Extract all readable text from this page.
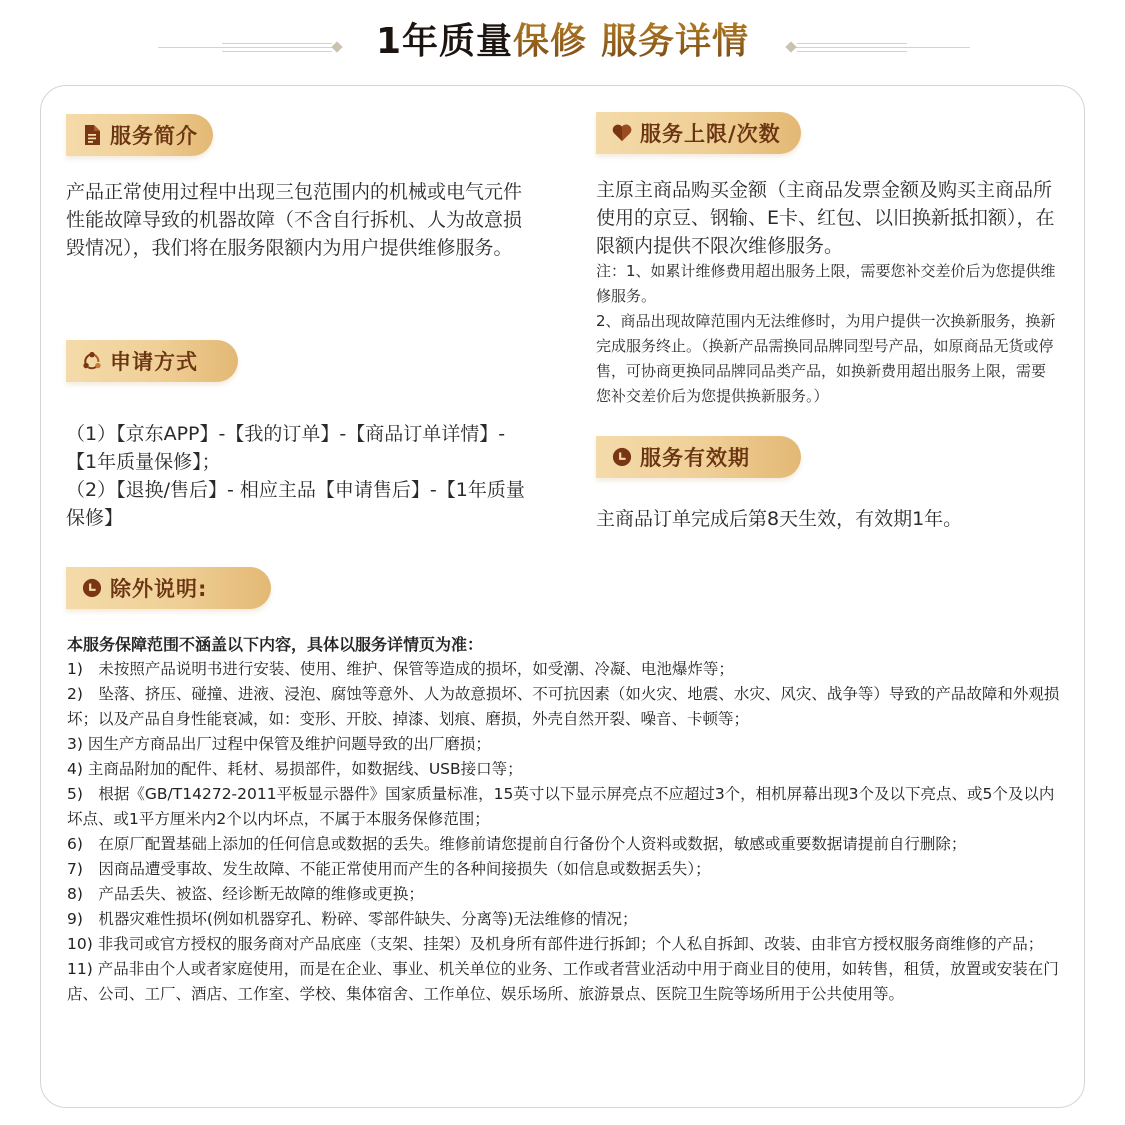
1年质量保修 服务详情
服务简介

产品正常使用过程中出现三包范围内的机械或电气元件性能故障导致的机器故障（不含自行拆机、人为故意损毁情况），我们将在服务限额内为用户提供维修服务。

申请方式

（1）【京东APP】-【我的订单】-【商品订单详情】-【1年质量保修】；

（2）【退换/售后】- 相应主品【申请售后】-【1年质量保修】

服务上限/次数

主原主商品购买金额（主商品发票金额及购买主商品所使用的京豆、钢输、E卡、红包、以旧换新抵扣额），在限额内提供不限次维修服务。

注：1、如累计维修费用超出服务上限，需要您补交差价后为您提供维修服务。

2、商品出现故障范围内无法维修时，为用户提供一次换新服务，换新完成服务终止。（换新产品需换同品牌同型号产品，如原商品无货或停售，可协商更换同品牌同品类产品，如换新费用超出服务上限，需要您补交差价后为您提供换新服务。）

服务有效期

主商品订单完成后第8天生效，有效期1年。

除外说明:

本服务保障范围不涵盖以下内容，具体以服务详情页为准：

1)　未按照产品说明书进行安装、使用、维护、保管等造成的损坏，如受潮、冷凝、电池爆炸等；

2)　坠落、挤压、碰撞、进液、浸泡、腐蚀等意外、人为故意损坏、不可抗因素（如火灾、地震、水灾、风灾、战争等）导致的产品故障和外观损坏；以及产品自身性能衰减，如：变形、开胶、掉漆、划痕、磨损，外壳自然开裂、噪音、卡顿等；

3) 因生产方商品出厂过程中保管及维护问题导致的出厂磨损；

4) 主商品附加的配件、耗材、易损部件，如数据线、USB接口等；

5)　根据《GB/T14272-2011平板显示器件》国家质量标准，15英寸以下显示屏亮点不应超过3个，相机屏幕出现3个及以下亮点、或5个及以内坏点、或1平方厘米内2个以内坏点，不属于本服务保修范围；

6)　在原厂配置基础上添加的任何信息或数据的丢失。维修前请您提前自行备份个人资料或数据，敏感或重要数据请提前自行删除；

7)　因商品遭受事故、发生故障、不能正常使用而产生的各种间接损失（如信息或数据丢失）；

8)　产品丢失、被盗、经诊断无故障的维修或更换；

9)　机器灾难性损坏(例如机器穿孔、粉碎、零部件缺失、分离等)无法维修的情况；

10) 非我司或官方授权的服务商对产品底座（支架、挂架）及机身所有部件进行拆卸；个人私自拆卸、改装、由非官方授权服务商维修的产品；

11) 产品非由个人或者家庭使用，而是在企业、事业、机关单位的业务、工作或者营业活动中用于商业目的使用，如转售，租赁，放置或安装在门店、公司、工厂、酒店、工作室、学校、集体宿舍、工作单位、娱乐场所、旅游景点、医院卫生院等场所用于公共使用等。
